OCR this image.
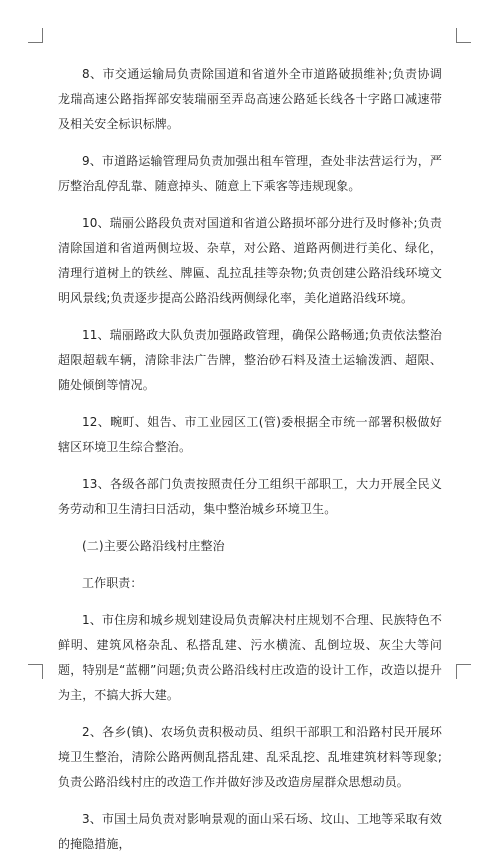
8、市交通运输局负责除国道和省道外全市道路破损维补;负责协调龙瑞高速公路指挥部安装瑞丽至弄岛高速公路延长线各十字路口减速带及相关安全标识标牌。

9、市道路运输管理局负责加强出租车管理，查处非法营运行为，严厉整治乱停乱靠、随意掉头、随意上下乘客等违规现象。

10、瑞丽公路段负责对国道和省道公路损坏部分进行及时修补;负责清除国道和省道两侧垃圾、杂草，对公路、道路两侧进行美化、绿化，清理行道树上的铁丝、牌匾、乱拉乱挂等杂物;负责创建公路沿线环境文明风景线;负责逐步提高公路沿线两侧绿化率，美化道路沿线环境。

11、瑞丽路政大队负责加强路政管理，确保公路畅通;负责依法整治超限超载车辆，清除非法广告牌，整治砂石料及渣土运输泼洒、超限、随处倾倒等情况。

12、畹町、姐告、市工业园区工(管)委根据全市统一部署积极做好辖区环境卫生综合整治。

13、各级各部门负责按照责任分工组织干部职工，大力开展全民义务劳动和卫生清扫日活动，集中整治城乡环境卫生。

(二)主要公路沿线村庄整治

工作职责：

1、市住房和城乡规划建设局负责解决村庄规划不合理、民族特色不鲜明、建筑风格杂乱、私搭乱建、污水横流、乱倒垃圾、灰尘大等问题，特别是“蓝棚”问题;负责公路沿线村庄改造的设计工作，改造以提升为主，不搞大拆大建。

2、各乡(镇)、农场负责积极动员、组织干部职工和沿路村民开展环境卫生整治，清除公路两侧乱搭乱建、乱采乱挖、乱堆建筑材料等现象;负责公路沿线村庄的改造工作并做好涉及改造房屋群众思想动员。

3、市国土局负责对影响景观的面山采石场、坟山、工地等采取有效的掩隐措施，
